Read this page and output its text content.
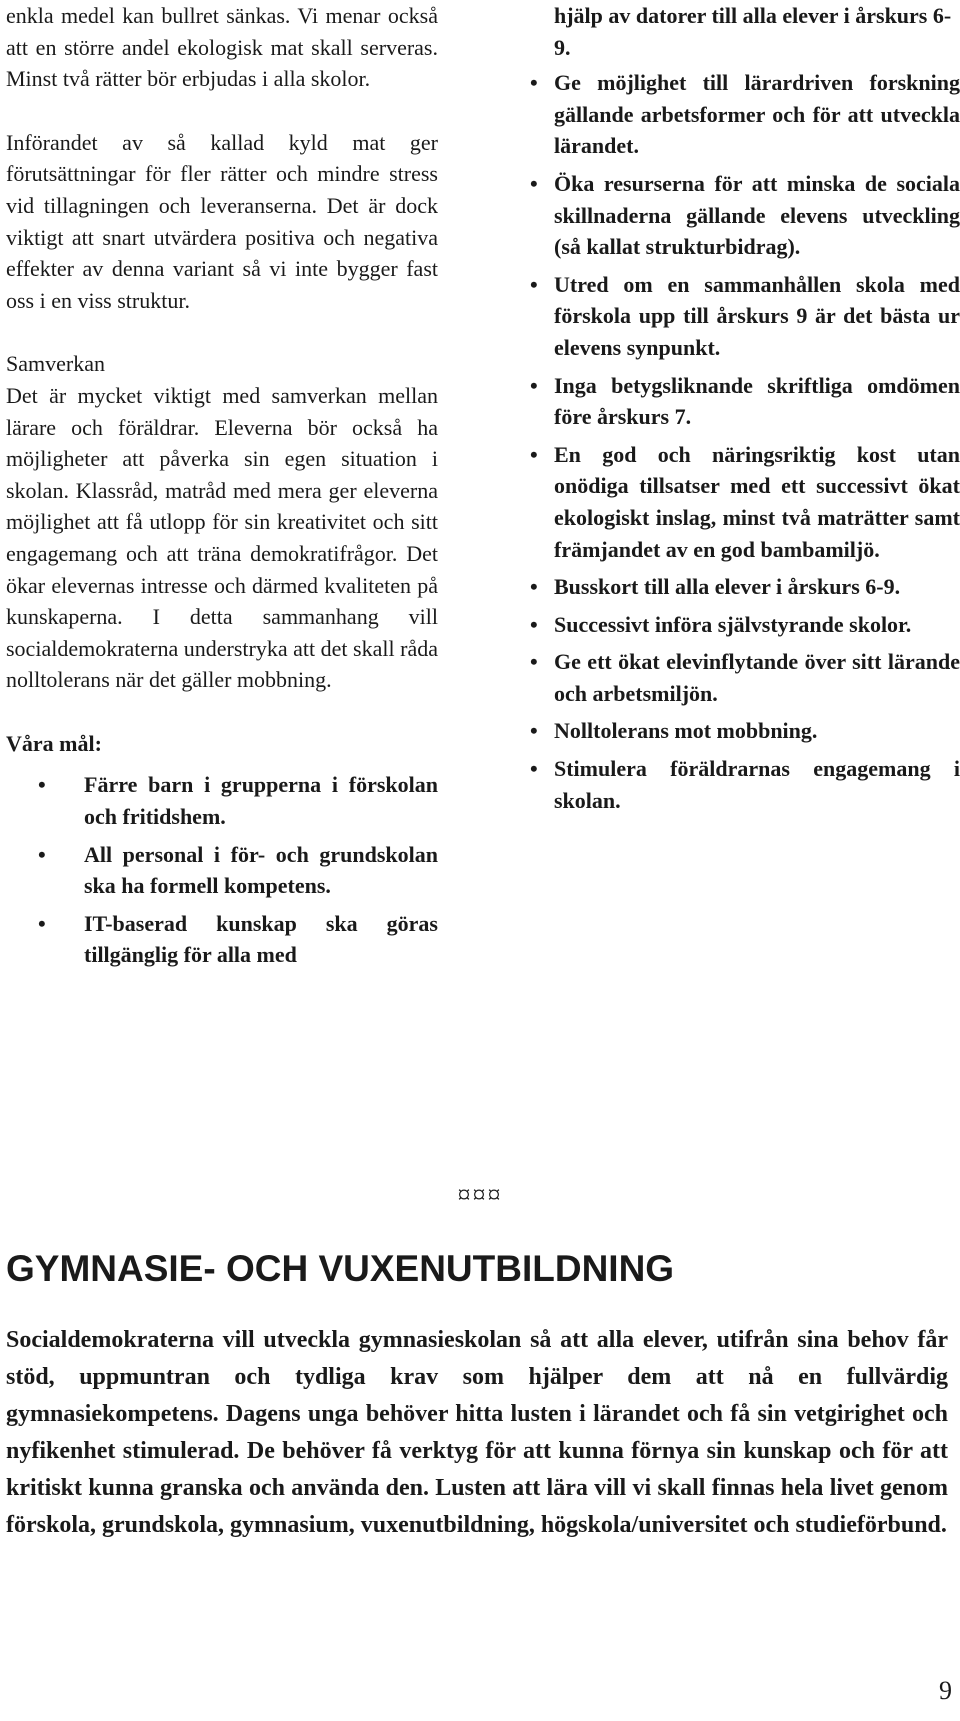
enkla medel kan bullret sänkas. Vi menar också att en större andel ekologisk mat skall serveras. Minst två rätter bör erbjudas i alla skolor.

Införandet av så kallad kyld mat ger förutsättningar för fler rätter och mindre stress vid tillagningen och leveranserna. Det är dock viktigt att snart utvärdera positiva och negativa effekter av denna variant så vi inte bygger fast oss i en viss struktur.

Samverkan

Det är mycket viktigt med samverkan mellan lärare och föräldrar. Eleverna bör också ha möjligheter att påverka sin egen situation i skolan. Klassråd, matråd med mera ger eleverna möjlighet att få utlopp för sin kreativitet och sitt engagemang och att träna demokratifrågor. Det ökar elevernas intresse och därmed kvaliteten på kunskaperna. I detta sammanhang vill socialdemokraterna understryka att det skall råda nolltolerans när det gäller mobbning.

Våra mål:

• Färre barn i grupperna i förskolan och fritidshem.
• All personal i för- och grundskolan ska ha formell kompetens.
• IT-baserad kunskap ska göras tillgänglig för alla med

hjälp av datorer till alla elever i årskurs 6-9.

• Ge möjlighet till lärardriven forskning gällande arbetsformer och för att utveckla lärandet.
• Öka resurserna för att minska de sociala skillnaderna gällande elevens utveckling (så kallat strukturbidrag).
• Utred om en sammanhållen skola med förskola upp till årskurs 9 är det bästa ur elevens synpunkt.
• Inga betygsliknande skriftliga omdömen före årskurs 7.
• En god och näringsriktig kost utan onödiga tillsatser med ett successivt ökat ekologiskt inslag, minst två maträtter samt främjandet av en god bambamiljö.
• Busskort till alla elever i årskurs 6-9.
• Successivt införa självstyrande skolor.
• Ge ett ökat elevinflytande över sitt lärande och arbetsmiljön.
• Nolltolerans mot mobbning.
• Stimulera föräldrarnas engagemang i skolan.
¤¤¤
GYMNASIE- OCH VUXENUTBILDNING

Socialdemokraterna vill utveckla gymnasieskolan så att alla elever, utifrån sina behov får stöd, uppmuntran och tydliga krav som hjälper dem att nå en fullvärdig gymnasiekompetens. Dagens unga behöver hitta lusten i lärandet och få sin vetgirighet och nyfikenhet stimulerad. De behöver få verktyg för att kunna förnya sin kunskap och för att kritiskt kunna granska och använda den. Lusten att lära vill vi skall finnas hela livet genom förskola, grundskola, gymnasium, vuxenutbildning, högskola/universitet och studieförbund.

9
